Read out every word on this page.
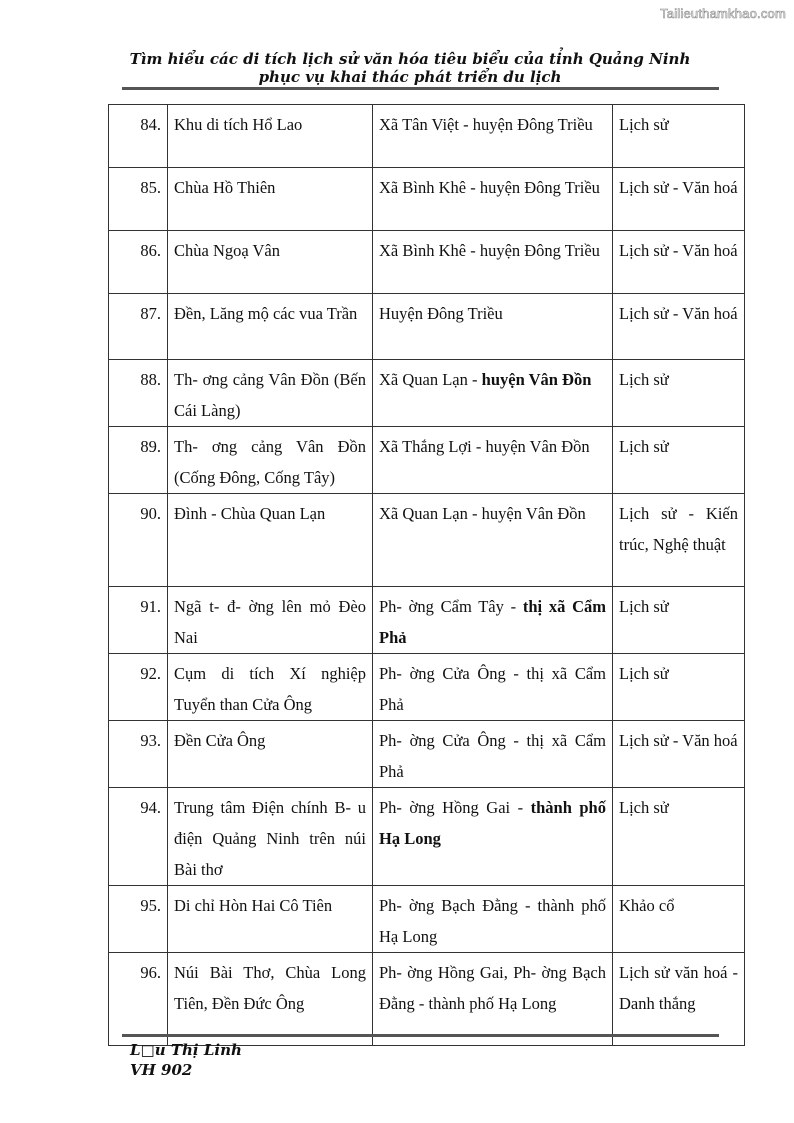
Tailieuthamkhao.com
Tìm hiểu các di tích lịch sử văn hóa tiêu biểu của tỉnh Quảng Ninh phục vụ khai thác phát triển du lịch
84.	Khu di tích Hổ Lao	Xã Tân Việt - huyện Đông Triều	Lịch sử
85.	Chùa Hồ Thiên	Xã Bình Khê - huyện Đông Triều	Lịch sử - Văn hoá
86.	Chùa Ngoạ Vân	Xã Bình Khê - huyện Đông Triều	Lịch sử - Văn hoá
87.	Đền, Lăng mộ các vua Trần	Huyện Đông Triều	Lịch sử - Văn hoá
88.	Th- ơng cảng Vân Đồn (Bến Cái Làng)	Xã Quan Lạn - huyện Vân Đồn	Lịch sử
89.	Th- ơng cảng Vân Đồn (Cống Đông, Cống Tây)	Xã Thắng Lợi - huyện Vân Đồn	Lịch sử
90.	Đình - Chùa Quan Lạn	Xã Quan Lạn - huyện Vân Đồn	Lịch sử - Kiến trúc, Nghệ thuật
91.	Ngã t- đ- ờng lên mỏ Đèo Nai	Ph- ờng Cẩm Tây - thị xã Cẩm Phả	Lịch sử
92.	Cụm di tích Xí nghiệp Tuyển than Cửa Ông	Ph- ờng Cửa Ông - thị xã Cẩm Phả	Lịch sử
93.	Đền Cửa Ông	Ph- ờng Cửa Ông - thị xã Cẩm Phả	Lịch sử - Văn hoá
94.	Trung tâm Điện chính B- u điện Quảng Ninh trên núi Bài thơ	Ph- ờng Hồng Gai - thành phố Hạ Long	Lịch sử
95.	Di chỉ Hòn Hai Cô Tiên	Ph- ờng Bạch Đằng - thành phố Hạ Long	Khảo cổ
96.	Núi Bài Thơ, Chùa Long Tiên, Đền Đức Ông	Ph- ờng Hồng Gai, Ph- ờng Bạch Đằng - thành phố Hạ Long	Lịch sử văn hoá - Danh thắng
L□u Thị Linh
VH 902
